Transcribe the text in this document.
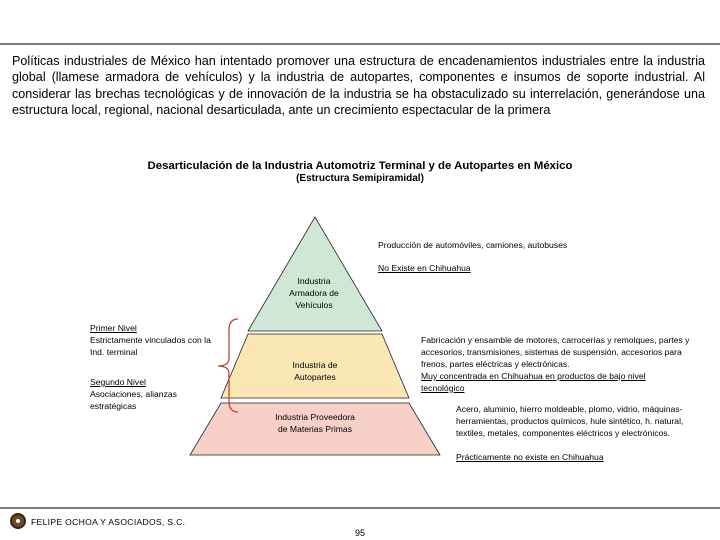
Políticas industriales de México han intentado promover una estructura de encadenamientos industriales entre la industria global (llamese armadora de vehículos) y la industria de autopartes, componentes e insumos de soporte industrial. Al considerar las brechas tecnológicas y de innovación de la industria se ha obstaculizado su interrelación, generándose una estructura local, regional, nacional desarticulada, ante un crecimiento espectacular de la primera
Desarticulación de la Industria Automotriz Terminal y de Autopartes en México
(Estructura Semipiramidal)
Industria Armadora de Vehículos
Industria de Autopartes
Industria Proveedora de Materias Primas
Producción de automóviles, camiones, autobuses
No Existe en Chihuahua
Fabricación y ensamble de motores, carrocerías y remolques, partes y accesorios, transmisiones, sistemas de suspensión, accesorios para frenos, partes eléctricas y electrónicas.
Muy concentrada en Chihuahua en productos de bajo nivel tecnológico
Acero, aluminio, hierro moldeable, plomo, vidrio, máquinas-herramientas, productos químicos, hule sintético, h. natural, textiles, metales, componentes eléctricos y electrónicos.
Prácticamente no existe en Chihuahua
Primer Nivel
Estrictamente vinculados con la Ind. terminal
Segundo Nivel
Asociaciones, alianzas estratégicas
FELIPE OCHOA Y ASOCIADOS, S.C.
95
